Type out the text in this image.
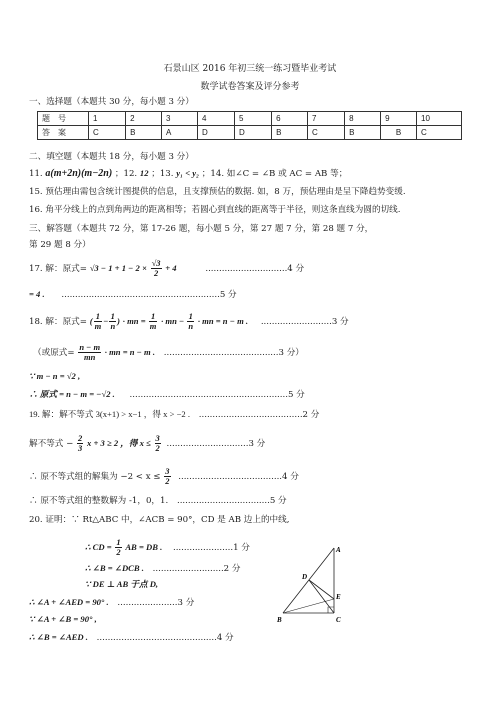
石景山区 2016 年初三统一练习暨毕业考试
数学试卷答案及评分参考
一、选择题（本题共 30 分，每小题 3 分）
题　号	1	2	3	4	5	6	7	8	9	10
答　案	C	B	A	D	D	B	C	B	B	C
二、填空题（本题共 18 分，每小题 3 分）
11. a(m+2n)(m−2n) ；12. 12 ；13. y₁ < y₂ ；14. 如∠C = ∠B 或 AC = AB 等；
15. 预估理由需包含统计图提供的信息，且支撑预估的数据. 如，8 万，预估理由是呈下降趋势变缓.
16. 角平分线上的点到角两边的距离相等；若圆心到直线的距离等于半径，则这条直线为圆的切线.
三、解答题（本题共 72 分，第 17-26 题，每小题 5 分，第 27 题 7 分，第 28 题 7 分，
第 29 题 8 分）
17. 解：原式= $√3 - 1 + 1 - 2 \times \frac{√3}{2} + 4$	..............................4 分
= 4 . ..........................................................5 分
18. 解：原式= ( $\frac{1}{m} - \frac{1}{n}$ ) · mn = $\frac{1}{m}$ · mn − $\frac{1}{n}$ · mn = n − m . ..........................3 分
（或原式= $\frac{n - m}{mn}$ · mn = n − m . ..........................................3 分）
∵ m − n = √2 ,
∴ 原式 = n − m = −√2 . ..........................................................5 分
19. 解：解不等式 3(x+1) > x−1 ，得 x > −2 . ......................................2 分
解不等式 − $\frac{2}{3}$ x + 3 ≥ 2 ，得 $x \le \frac{3}{2} ..............................3$ 分
∴ 原不等式组的解集为 $-2 < x \le \frac{3}{2} ......................................4$ 分
∴ 原不等式组的整数解为 -1，0，1. ..................................5 分
20. 证明：∵ Rt△ABC 中，∠ACB = 90°，CD 是 AB 边上的中线,
∴ CD = $\frac{1}{2}$ AB = DB . ......................1 分
∴ ∠B = ∠DCB . ..........................2 分
∵ DE ⊥ AB 于点 D,
∴ ∠A + ∠AED = 90° . ......................3 分
∵ ∠A + ∠B = 90° ,
∴ ∠B = ∠AED . ............................................4 分
A
B	C
D
E
